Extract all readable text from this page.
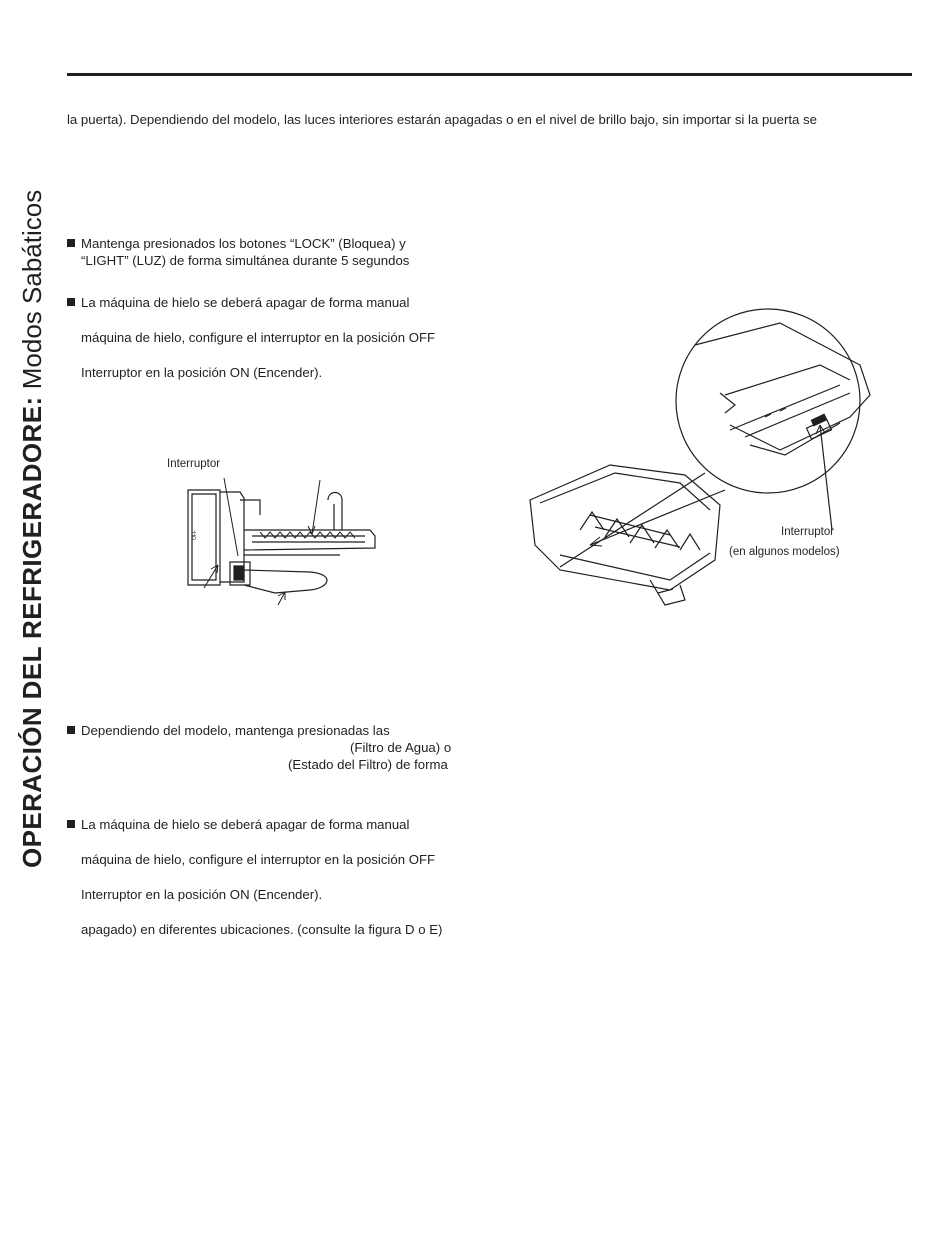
OPERACIÓN DEL REFRIGERADORE: Modos Sabáticos
la puerta). Dependiendo del modelo, las luces interiores estarán apagadas o en el nivel de brillo bajo, sin importar si la puerta se
Mantenga presionados los botones “LOCK” (Bloquea) y
“LIGHT” (LUZ) de forma simultánea durante 5 segundos
La máquina de hielo se deberá apagar de forma manual
máquina de hielo, configure el interruptor en la posición OFF
Interruptor en la posición ON (Encender).
Interruptor
OFF	Interruptor
(en algunos modelos)
Dependiendo del modelo, mantenga presionadas las
(Filtro de Agua) o
(Estado del Filtro) de forma
La máquina de hielo se deberá apagar de forma manual
máquina de hielo, configure el interruptor en la posición OFF
Interruptor en la posición ON (Encender).
apagado) en diferentes ubicaciones. (consulte la figura D o E)
